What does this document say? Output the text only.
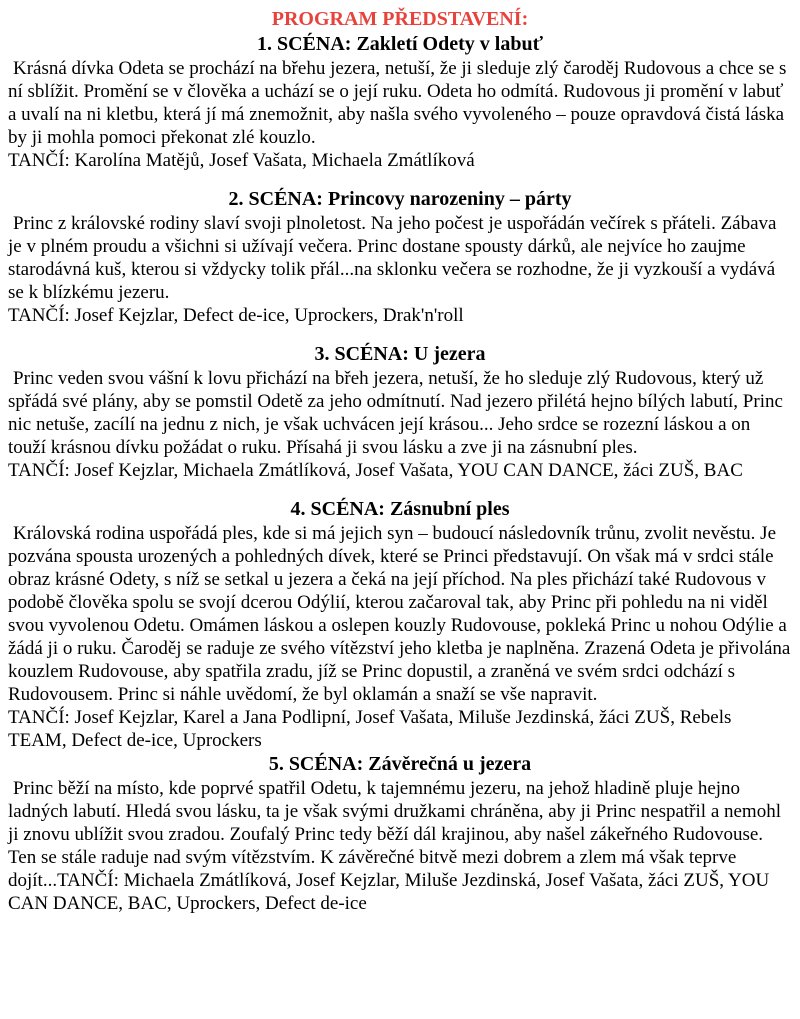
PROGRAM PŘEDSTAVENÍ:
1. SCÉNA: Zakletí Odety v labuť

Krásná dívka Odeta se prochází na břehu jezera, netuší, že ji sleduje zlý čaroděj Rudovous a chce se s ní sblížit. Promění se v člověka a uchází se o její ruku. Odeta ho odmítá. Rudovous ji promění v labuť a uvalí na ni kletbu, která jí má znemožnit, aby našla svého vyvoleného – pouze opravdová čistá láska by ji mohla pomoci překonat zlé kouzlo.

TANČÍ: Karolína Matějů, Josef Vašata, Michaela Zmátlíková

2. SCÉNA: Princovy narozeniny – párty

Princ z královské rodiny slaví svoji plnoletost. Na jeho počest je uspořádán večírek s přáteli. Zábava je v plném proudu a všichni si užívají večera. Princ dostane spousty dárků, ale nejvíce ho zaujme starodávná kuš, kterou si vždycky tolik přál...na sklonku večera se rozhodne, že ji vyzkouší a vydává se k blízkému jezeru.

TANČÍ: Josef Kejzlar, Defect de-ice, Uprockers, Drak'n'roll

3. SCÉNA: U jezera

Princ veden svou vášní k lovu přichází na břeh jezera, netuší, že ho sleduje zlý Rudovous, který už spřádá své plány, aby se pomstil Odetě za jeho odmítnutí. Nad jezero přilétá hejno bílých labutí, Princ nic netuše, zacílí na jednu z nich, je však uchvácen její krásou... Jeho srdce se rozezní láskou a on touží krásnou dívku požádat o ruku. Přísahá ji svou lásku a zve ji na zásnubní ples.

TANČÍ: Josef Kejzlar, Michaela Zmátlíková, Josef Vašata, YOU CAN DANCE, žáci ZUŠ, BAC

4. SCÉNA: Zásnubní ples

Královská rodina uspořádá ples, kde si má jejich syn – budoucí následovník trůnu, zvolit nevěstu. Je pozvána spousta urozených a pohledných dívek, které se Princi představují. On však má v srdci stále obraz krásné Odety, s níž se setkal u jezera a čeká na její příchod. Na ples přichází také Rudovous v podobě člověka spolu se svojí dcerou Odýlií, kterou začaroval tak, aby Princ při pohledu na ni viděl svou vyvolenou Odetu. Omámen láskou a oslepen kouzly Rudovouse, pokleká Princ u nohou Odýlie a žádá ji o ruku. Čaroděj se raduje ze svého vítězství jeho kletba je naplněna. Zrazená Odeta je přivolána kouzlem Rudovouse, aby spatřila zradu, jíž se Princ dopustil, a zraněná ve svém srdci odchází s Rudovousem. Princ si náhle uvědomí, že byl oklamán a snaží se vše napravit.

TANČÍ: Josef Kejzlar, Karel a Jana Podlipní, Josef Vašata, Miluše Jezdinská, žáci ZUŠ, Rebels TEAM, Defect de-ice, Uprockers

5. SCÉNA: Závěrečná u jezera

Princ běží na místo, kde poprvé spatřil Odetu, k tajemnému jezeru, na jehož hladině pluje hejno ladných labutí. Hledá svou lásku, ta je však svými družkami chráněna, aby ji Princ nespatřil a nemohl ji znovu ublížit svou zradou. Zoufalý Princ tedy běží dál krajinou, aby našel zákeřného Rudovouse. Ten se stále raduje nad svým vítězstvím. K závěrečné bitvě mezi dobrem a zlem má však teprve dojít...TANČÍ: Michaela Zmátlíková, Josef Kejzlar, Miluše Jezdinská, Josef Vašata, žáci ZUŠ, YOU CAN DANCE, BAC, Uprockers, Defect de-ice
